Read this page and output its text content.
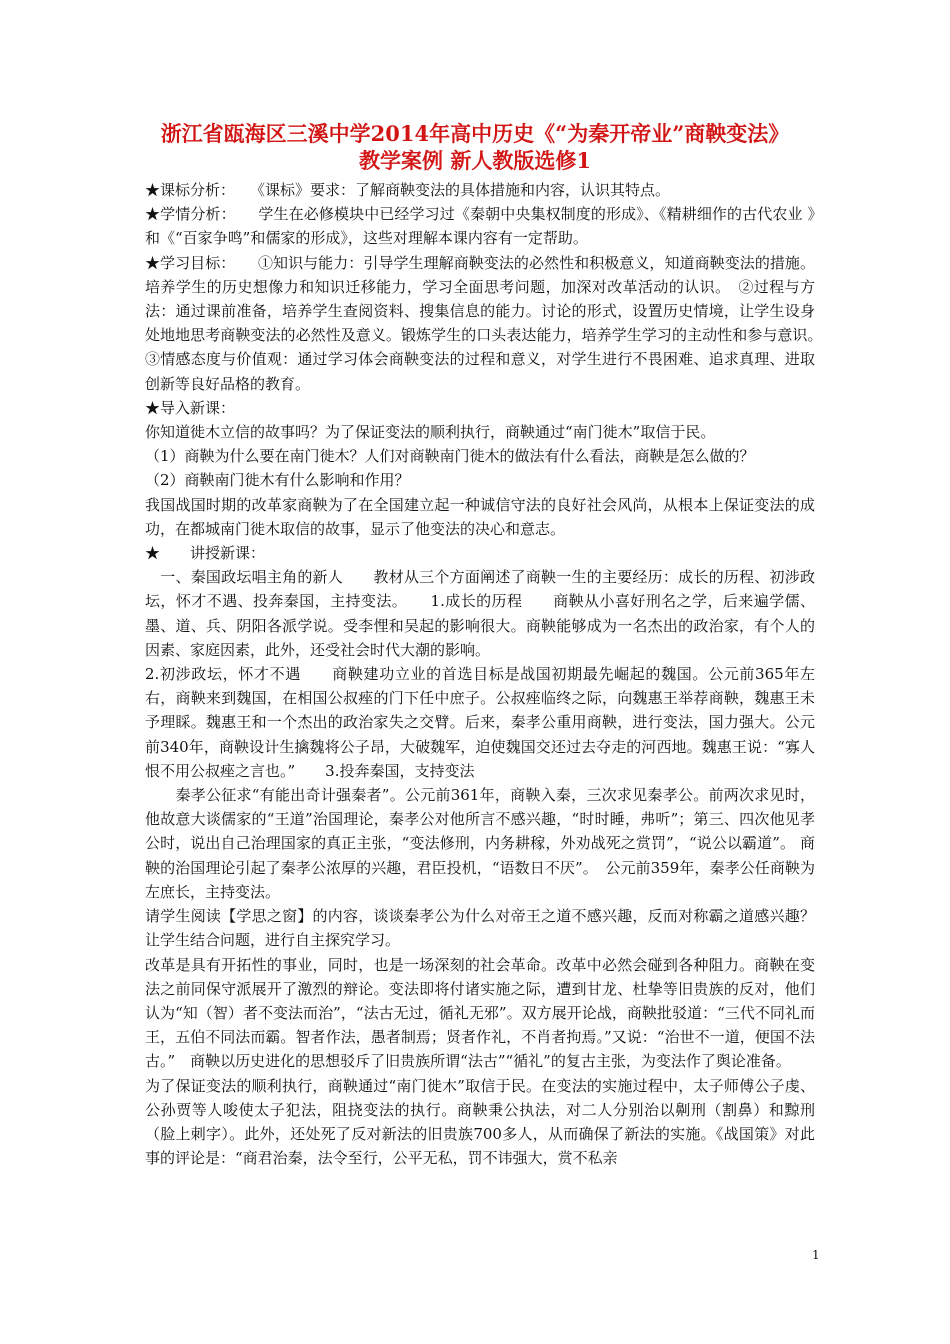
浙江省瓯海区三溪中学2014年高中历史《“为秦开帝业”商鞅变法》
教学案例 新人教版选修1

★课标分析：　　《课标》要求：了解商鞅变法的具体措施和内容，认识其特点。

★学情分析：　　学生在必修模块中已经学习过《秦朝中央集权制度的形成》、《精耕细作的古代农业 》和《“百家争鸣”和儒家的形成》，这些对理解本课内容有一定帮助。

★学习目标：　　①知识与能力：引导学生理解商鞅变法的必然性和积极意义，知道商鞅变法的措施。培养学生的历史想像力和知识迁移能力，学习全面思考问题，加深对改革活动的认识。　②过程与方法：通过课前准备，培养学生查阅资料、搜集信息的能力。讨论的形式，设置历史情境，让学生设身处地地思考商鞅变法的必然性及意义。锻炼学生的口头表达能力，培养学生学习的主动性和参与意识。　　③情感态度与价值观：通过学习体会商鞅变法的过程和意义，对学生进行不畏困难、追求真理、进取创新等良好品格的教育。

★导入新课：

你知道徙木立信的故事吗？为了保证变法的顺利执行，商鞅通过“南门徙木”取信于民。

（1）商鞅为什么要在南门徙木？人们对商鞅南门徙木的做法有什么看法，商鞅是怎么做的？

（2）商鞅南门徙木有什么影响和作用？

我国战国时期的改革家商鞅为了在全国建立起一种诚信守法的良好社会风尚，从根本上保证变法的成功，在都城南门徙木取信的故事，显示了他变法的决心和意志。

★　　讲授新课：

　一、秦国政坛唱主角的新人　　教材从三个方面阐述了商鞅一生的主要经历：成长的历程、初涉政坛，怀才不遇、投奔秦国，主持变法。　　1.成长的历程　　商鞅从小喜好刑名之学，后来遍学儒、墨、道、兵、阴阳各派学说。受李悝和吴起的影响很大。商鞅能够成为一名杰出的政治家，有个人的因素、家庭因素，此外，还受社会时代大潮的影响。

2.初涉政坛，怀才不遇　　商鞅建功立业的首选目标是战国初期最先崛起的魏国。公元前365年左右，商鞅来到魏国，在相国公叔痤的门下任中庶子。公叔痤临终之际，向魏惠王举荐商鞅，魏惠王未予理睬。魏惠王和一个杰出的政治家失之交臂。后来，秦孝公重用商鞅，进行变法，国力强大。公元前340年，商鞅设计生擒魏将公子昂，大破魏军，迫使魏国交还过去夺走的河西地。魏惠王说：“寡人恨不用公叔痤之言也。”　　3.投奔秦国，支持变法

　　秦孝公征求“有能出奇计强秦者”。公元前361年，商鞅入秦，三次求见秦孝公。前两次求见时，他故意大谈儒家的“王道”治国理论，秦孝公对他所言不感兴趣，“时时睡，弗听”；第三、四次他见孝公时，说出自己治理国家的真正主张，“变法修刑，内务耕稼，外劝战死之赏罚”，“说公以霸道”。 商鞅的治国理论引起了秦孝公浓厚的兴趣，君臣投机，“语数日不厌”。　公元前359年，秦孝公任商鞅为左庶长，主持变法。

请学生阅读【学思之窗】的内容，谈谈秦孝公为什么对帝王之道不感兴趣，反而对称霸之道感兴趣？让学生结合问题，进行自主探究学习。

改革是具有开拓性的事业，同时，也是一场深刻的社会革命。改革中必然会碰到各种阻力。商鞅在变法之前同保守派展开了激烈的辩论。变法即将付诸实施之际，遭到甘龙、杜挚等旧贵族的反对，他们认为“知（智）者不变法而治”，“法古无过，循礼无邪”。双方展开论战，商鞅批驳道：“三代不同礼而王，五伯不同法而霸。智者作法，愚者制焉；贤者作礼，不肖者拘焉。”又说：“治世不一道，便国不法古。”　商鞅以历史进化的思想驳斥了旧贵族所谓“法古”“循礼”的复古主张，为变法作了舆论准备。

为了保证变法的顺利执行，商鞅通过“南门徙木”取信于民。在变法的实施过程中，太子师傅公子虔、公孙贾等人唆使太子犯法，阻挠变法的执行。商鞅秉公执法，对二人分别治以劓刑（割鼻）和黥刑（脸上刺字）。此外，还处死了反对新法的旧贵族700多人，从而确保了新法的实施。《战国策》对此事的评论是：“商君治秦，法令至行，公平无私，罚不讳强大，赏不私亲

1
